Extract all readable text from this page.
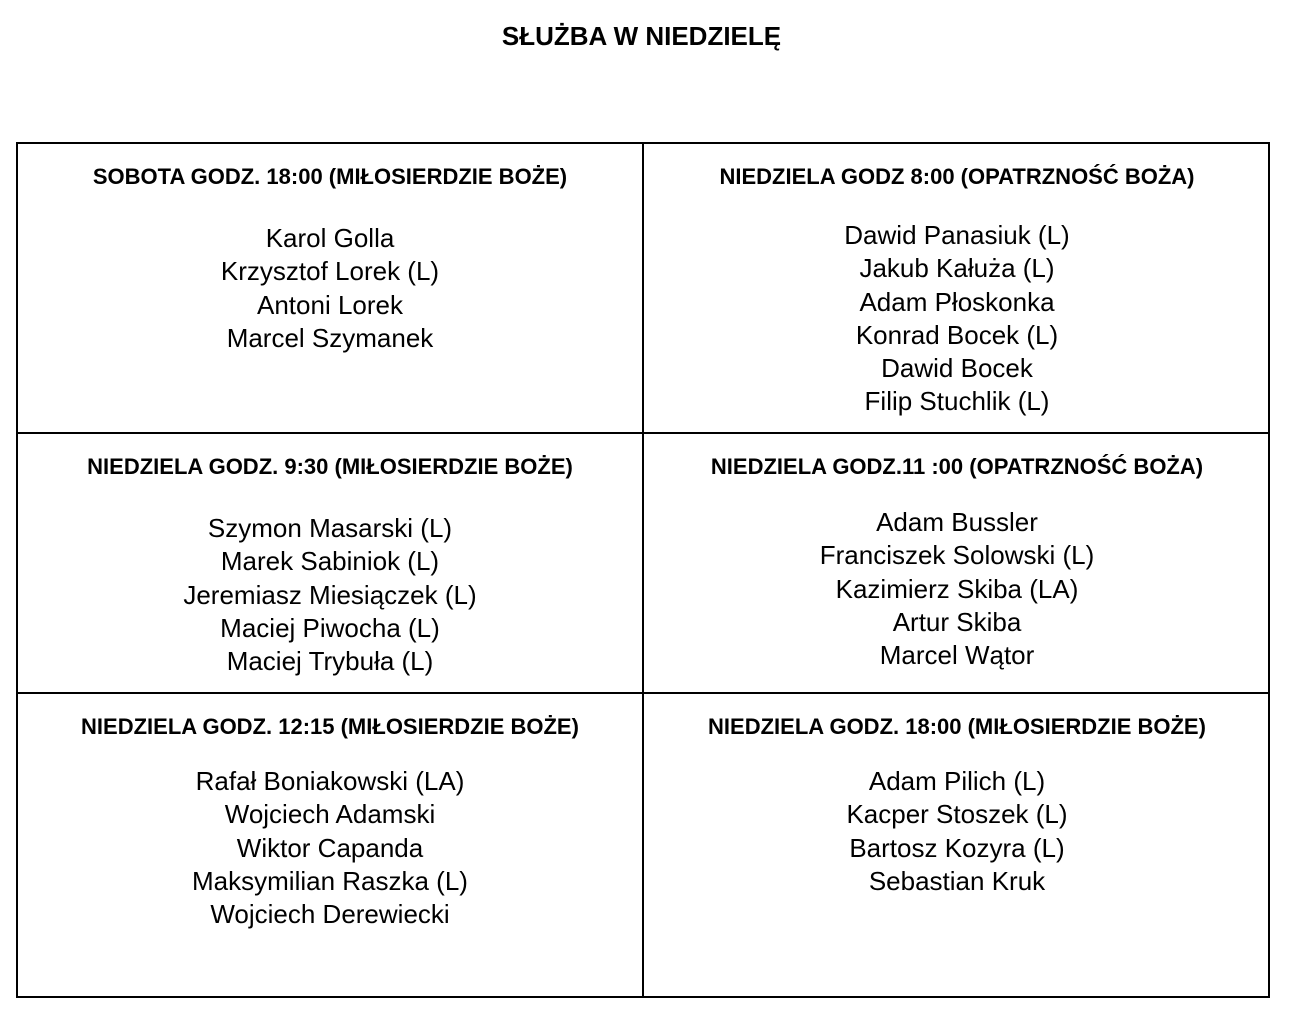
SŁUŻBA W NIEDZIELĘ

SOBOTA GODZ. 18:00 (MIŁOSIERDZIE BOŻE)

Karol Golla
Krzysztof Lorek (L)
Antoni Lorek
Marcel Szymanek

NIEDZIELA GODZ 8:00 (OPATRZNOŚĆ BOŻA)

Dawid Panasiuk (L)
Jakub Kałuża (L)
Adam Płoskonka
Konrad Bocek (L)
Dawid Bocek
Filip Stuchlik (L)

NIEDZIELA GODZ. 9:30 (MIŁOSIERDZIE BOŻE)

Szymon Masarski (L)
Marek Sabiniok (L)
Jeremiasz Miesiączek (L)
Maciej Piwocha (L)
Maciej Trybuła (L)

NIEDZIELA GODZ.11 :00 (OPATRZNOŚĆ BOŻA)

Adam Bussler
Franciszek Solowski (L)
Kazimierz Skiba (LA)
Artur Skiba
Marcel Wątor

NIEDZIELA GODZ. 12:15 (MIŁOSIERDZIE BOŻE)

Rafał Boniakowski (LA)
Wojciech Adamski
Wiktor Capanda
Maksymilian Raszka (L)
Wojciech Derewiecki

NIEDZIELA GODZ. 18:00 (MIŁOSIERDZIE BOŻE)

Adam Pilich (L)
Kacper Stoszek (L)
Bartosz Kozyra (L)
Sebastian Kruk
